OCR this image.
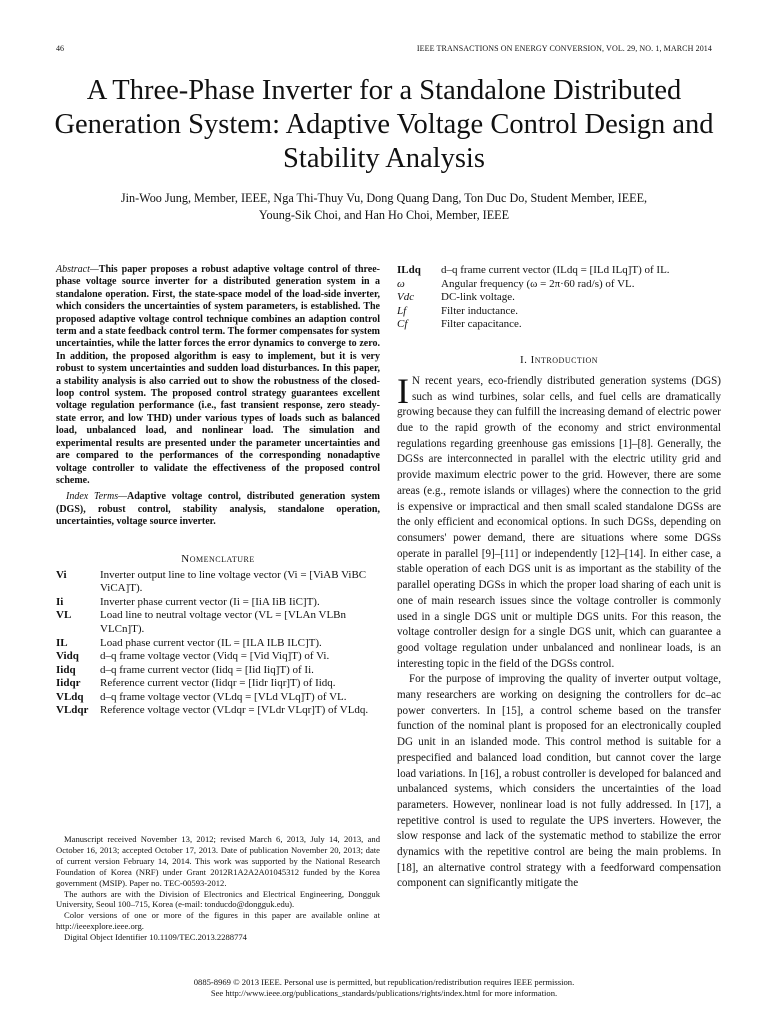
46	IEEE TRANSACTIONS ON ENERGY CONVERSION, VOL. 29, NO. 1, MARCH 2014
A Three-Phase Inverter for a Standalone Distributed Generation System: Adaptive Voltage Control Design and Stability Analysis
Jin-Woo Jung, Member, IEEE, Nga Thi-Thuy Vu, Dong Quang Dang, Ton Duc Do, Student Member, IEEE,
Young-Sik Choi, and Han Ho Choi, Member, IEEE
Abstract—This paper proposes a robust adaptive voltage control of three-phase voltage source inverter for a distributed generation system in a standalone operation. First, the state-space model of the load-side inverter, which considers the uncertainties of system parameters, is established. The proposed adaptive voltage control technique combines an adaption control term and a state feedback control term. The former compensates for system uncertainties, while the latter forces the error dynamics to converge to zero. In addition, the proposed algorithm is easy to implement, but it is very robust to system uncertainties and sudden load disturbances. In this paper, a stability analysis is also carried out to show the robustness of the closed-loop control system. The proposed control strategy guarantees excellent voltage regulation performance (i.e., fast transient response, zero steady-state error, and low THD) under various types of loads such as balanced load, unbalanced load, and nonlinear load. The simulation and experimental results are presented under the parameter uncertainties and are compared to the performances of the corresponding nonadaptive voltage controller to validate the effectiveness of the proposed control scheme.
Index Terms—Adaptive voltage control, distributed generation system (DGS), robust control, stability analysis, standalone operation, uncertainties, voltage source inverter.
Nomenclature
Vi	Inverter output line to line voltage vector (Vi = [ViAB ViBC ViCA]T).
Ii	Inverter phase current vector (Ii = [IiA IiB IiC]T).
VL	Load line to neutral voltage vector (VL = [VLAn VLBn VLCn]T).
IL	Load phase current vector (IL = [ILA ILB ILC]T).
Vidq	d–q frame voltage vector (Vidq = [Vid Viq]T) of Vi.
Iidq	d–q frame current vector (Iidq = [Iid Iiq]T) of Ii.
Iidqr	Reference current vector (Iidqr = [Iidr Iiqr]T) of Iidq.
VLdq	d–q frame voltage vector (VLdq = [VLd VLq]T) of VL.
VLdqr	Reference voltage vector (VLdqr = [VLdr VLqr]T) of VLdq.

Manuscript received November 13, 2012; revised March 6, 2013, July 14, 2013, and October 16, 2013; accepted October 17, 2013. Date of publication November 20, 2013; date of current version February 14, 2014. This work was supported by the National Research Foundation of Korea (NRF) under Grant 2012R1A2A2A01045312 funded by the Korea government (MSIP). Paper no. TEC-00593-2012.

The authors are with the Division of Electronics and Electrical Engineering, Dongguk University, Seoul 100–715, Korea (e-mail: tonducdo@dongguk.edu).

Color versions of one or more of the figures in this paper are available online at http://ieeexplore.ieee.org.

Digital Object Identifier 10.1109/TEC.2013.2288774

ILdq	d–q frame current vector (ILdq = [ILd ILq]T) of IL.
ω	Angular frequency (ω = 2π·60 rad/s) of VL.
Vdc	DC-link voltage.
Lf	Filter inductance.
Cf	Filter capacitance.
I. Introduction

I N recent years, eco-friendly distributed generation systems (DGS) such as wind turbines, solar cells, and fuel cells are dramatically growing because they can fulfill the increasing demand of electric power due to the rapid growth of the economy and strict environmental regulations regarding greenhouse gas emissions [1]–[8]. Generally, the DGSs are interconnected in parallel with the electric utility grid and provide maximum electric power to the grid. However, there are some areas (e.g., remote islands or villages) where the connection to the grid is expensive or impractical and then small scaled standalone DGSs are the only efficient and economical options. In such DGSs, depending on consumers' power demand, there are situations where some DGSs operate in parallel [9]–[11] or independently [12]–[14]. In either case, a stable operation of each DGS unit is as important as the stability of the parallel operating DGSs in which the proper load sharing of each unit is one of main research issues since the voltage controller is commonly used in a single DGS unit or multiple DGS units. For this reason, the voltage controller design for a single DGS unit, which can guarantee a good voltage regulation under unbalanced and nonlinear loads, is an interesting topic in the field of the DGSs control.

For the purpose of improving the quality of inverter output voltage, many researchers are working on designing the controllers for dc–ac power converters. In [15], a control scheme based on the transfer function of the nominal plant is proposed for an electronically coupled DG unit in an islanded mode. This control method is suitable for a prespecified and balanced load condition, but cannot cover the large load variations. In [16], a robust controller is developed for balanced and unbalanced systems, which considers the uncertainties of the load parameters. However, nonlinear load is not fully addressed. In [17], a repetitive control is used to regulate the UPS inverters. However, the slow response and lack of the systematic method to stabilize the error dynamics with the repetitive control are being the main problems. In [18], an alternative control strategy with a feedforward compensation component can significantly mitigate the

0885-8969 © 2013 IEEE. Personal use is permitted, but republication/redistribution requires IEEE permission.
See http://www.ieee.org/publications_standards/publications/rights/index.html for more information.
